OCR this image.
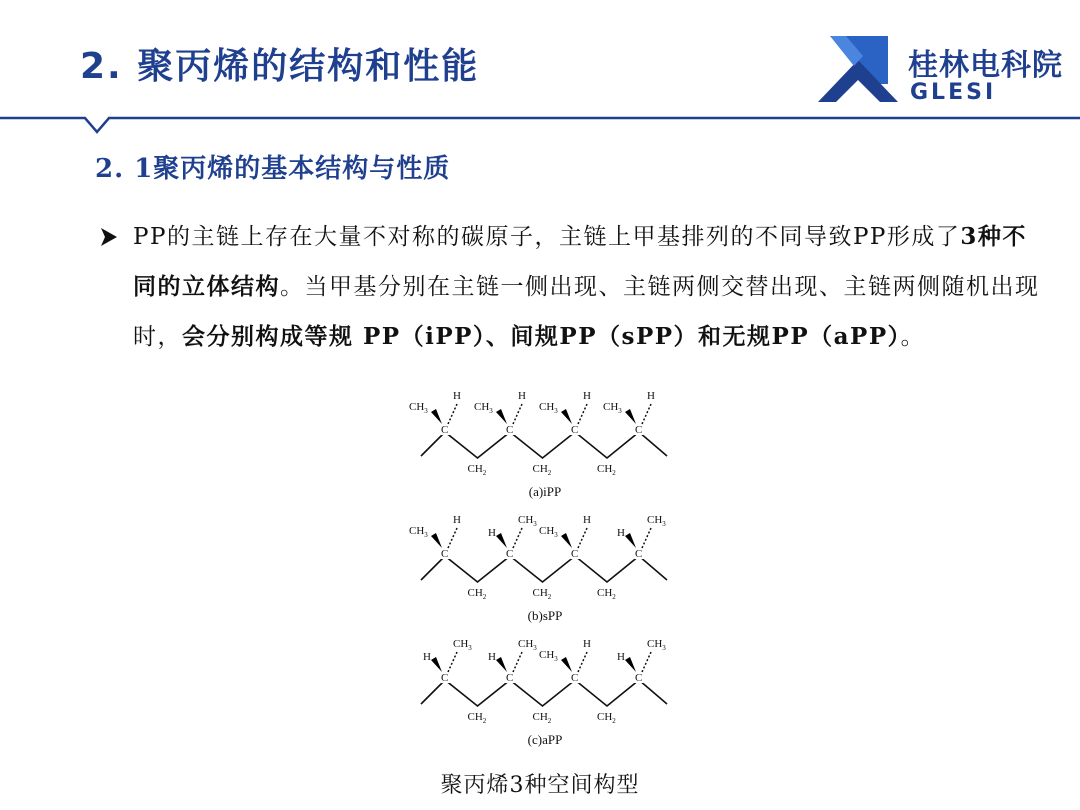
2. 聚丙烯的结构和性能	桂林电科院
GLESI
2. 1聚丙烯的基本结构与性质
PP的主链上存在大量不对称的碳原子，主链上甲基排列的不同导致PP形成了3种不同的立体结构。当甲基分别在主链一侧出现、主链两侧交替出现、主链两侧随机出现时，会分别构成等规 PP（iPP）、间规PP（sPP）和无规PP（aPP）。
C
$CH_3$
H
$CH_2$
C
$CH_3$
H
$CH_2$
C
$CH_3$
H
$CH_2$
C
$CH_3$
H
(a)iPP
C
$CH_3$
H
$CH_2$
C
H
$CH_3$
$CH_2$
C
$CH_3$
H
$CH_2$
C
H
$CH_3$
(b)sPP
C
H
$CH_3$
$CH_2$
C
H
$CH_3$
$CH_2$
C
$CH_3$
H
$CH_2$
C
H
$CH_3$
(c)aPP
聚丙烯3种空间构型
